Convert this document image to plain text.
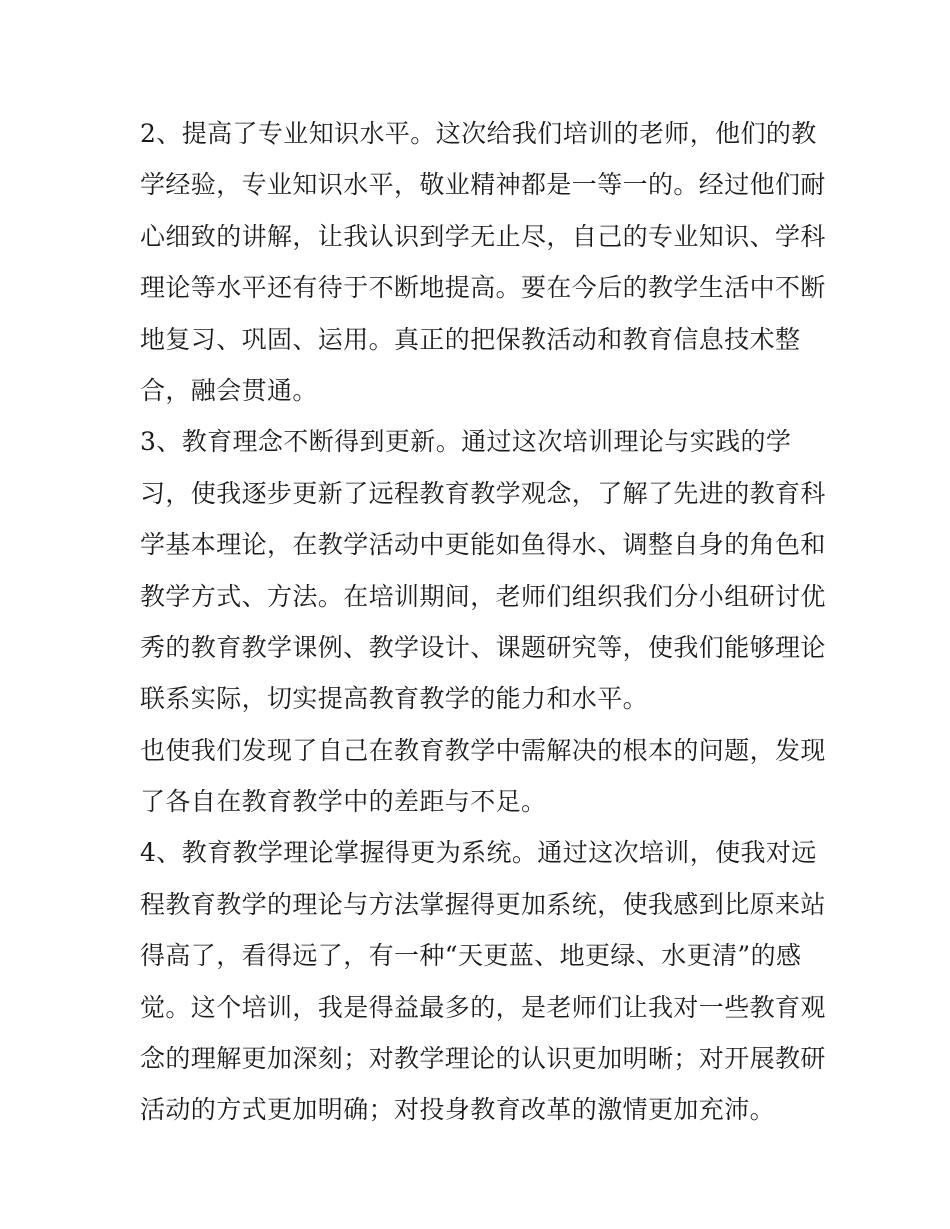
2、提高了专业知识水平。这次给我们培训的老师，他们的教
学经验，专业知识水平，敬业精神都是一等一的。经过他们耐
心细致的讲解，让我认识到学无止尽，自己的专业知识、学科
理论等水平还有待于不断地提高。要在今后的教学生活中不断
地复习、巩固、运用。真正的把保教活动和教育信息技术整
合，融会贯通。
3、教育理念不断得到更新。通过这次培训理论与实践的学
习，使我逐步更新了远程教育教学观念，了解了先进的教育科
学基本理论，在教学活动中更能如鱼得水、调整自身的角色和
教学方式、方法。在培训期间，老师们组织我们分小组研讨优
秀的教育教学课例、教学设计、课题研究等，使我们能够理论
联系实际，切实提高教育教学的能力和水平。
也使我们发现了自己在教育教学中需解决的根本的问题，发现
了各自在教育教学中的差距与不足。
4、教育教学理论掌握得更为系统。通过这次培训，使我对远
程教育教学的理论与方法掌握得更加系统，使我感到比原来站
得高了，看得远了，有一种“天更蓝、地更绿、水更清”的感
觉。这个培训，我是得益最多的，是老师们让我对一些教育观
念的理解更加深刻；对教学理论的认识更加明晰；对开展教研
活动的方式更加明确；对投身教育改革的激情更加充沛。
